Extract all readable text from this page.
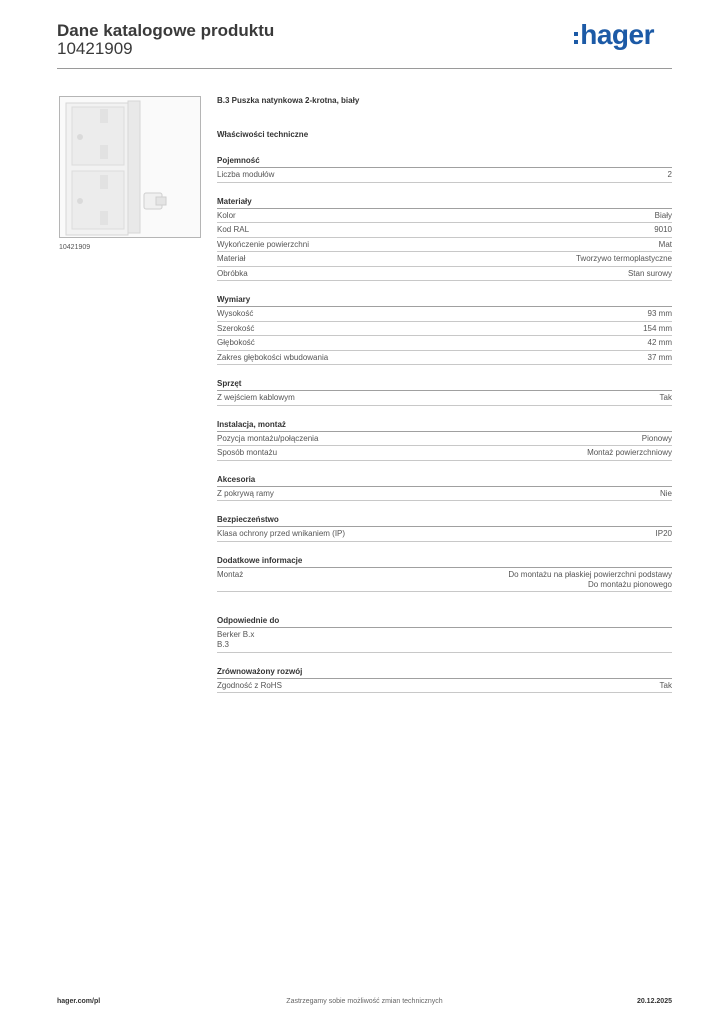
Dane katalogowe produktu
10421909	hager
10421909
B.3 Puszka natynkowa 2-krotna, biały
Właściwości techniczne
Pojemność
Liczba modułów	2
Materiały
Kolor	Biały
Kod RAL	9010
Wykończenie powierzchni	Mat
Materiał	Tworzywo termoplastyczne
Obróbka	Stan surowy
Wymiary
Wysokość	93 mm
Szerokość	154 mm
Głębokość	42 mm
Zakres głębokości wbudowania	37 mm
Sprzęt
Z wejściem kablowym	Tak
Instalacja, montaż
Pozycja montażu/połączenia	Pionowy
Sposób montażu	Montaż powierzchniowy
Akcesoria
Z pokrywą ramy	Nie
Bezpieczeństwo
Klasa ochrony przed wnikaniem (IP)	IP20
Dodatkowe informacje
Montaż	Do montażu na płaskiej powierzchni podstawy
Do montażu pionowego
Odpowiednie do
Berker B.x
B.3
Zrównoważony rozwój
Zgodność z RoHS	Tak
Zastrzegamy sobie możliwość zmian technicznych
hager.com/pl	20.12.2025
